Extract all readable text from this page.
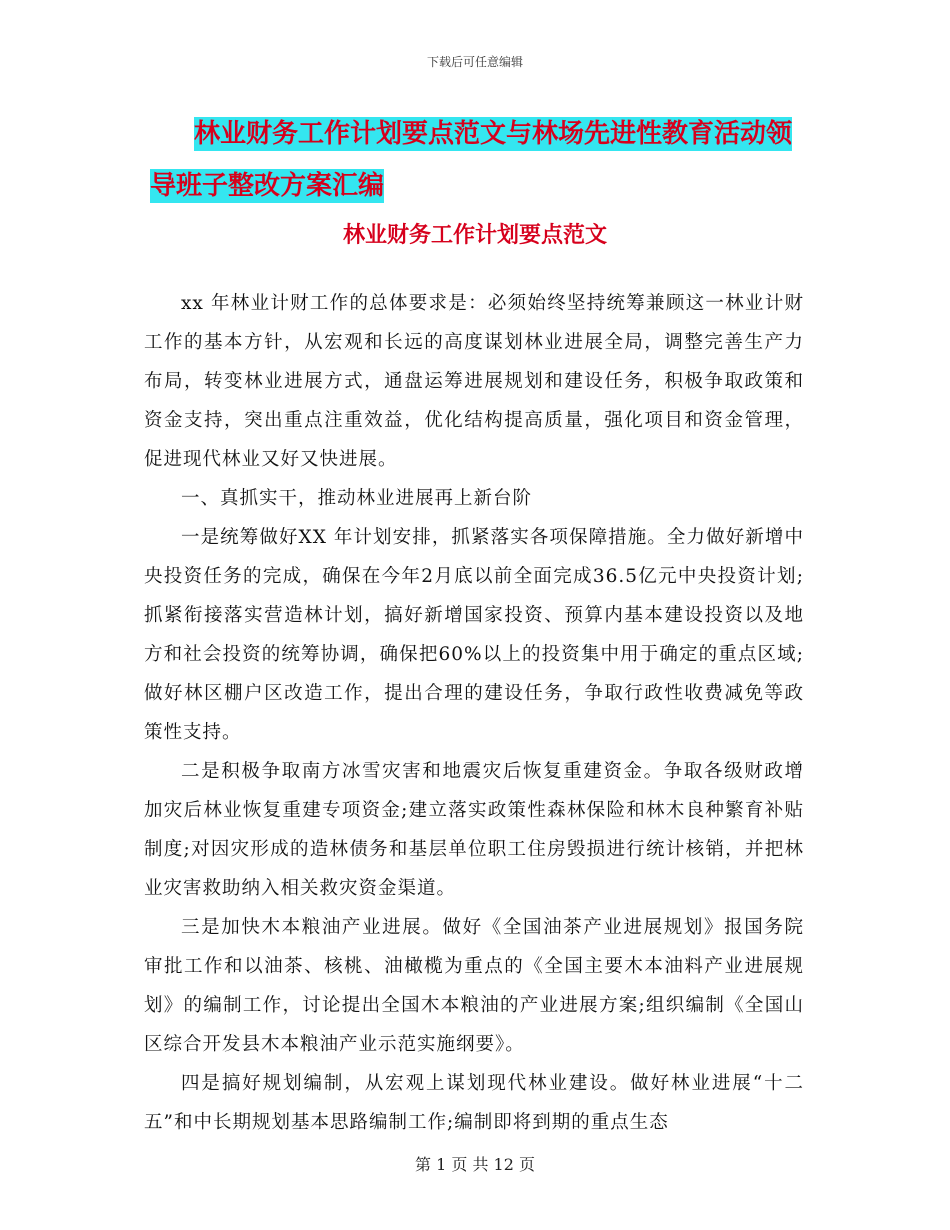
下载后可任意编辑
林业财务工作计划要点范文与林场先进性教育活动领
导班子整改方案汇编
林业财务工作计划要点范文

xx 年林业计财工作的总体要求是：必须始终坚持统筹兼顾这一林业计财工作的基本方针，从宏观和长远的高度谋划林业进展全局，调整完善生产力布局，转变林业进展方式，通盘运筹进展规划和建设任务，积极争取政策和资金支持，突出重点注重效益，优化结构提高质量，强化项目和资金管理，促进现代林业又好又快进展。

一、真抓实干，推动林业进展再上新台阶

一是统筹做好XX 年计划安排，抓紧落实各项保障措施。全力做好新增中央投资任务的完成，确保在今年2月底以前全面完成36.5亿元中央投资计划;抓紧衔接落实营造林计划，搞好新增国家投资、预算内基本建设投资以及地方和社会投资的统筹协调，确保把60%以上的投资集中用于确定的重点区域;做好林区棚户区改造工作，提出合理的建设任务，争取行政性收费减免等政策性支持。

二是积极争取南方冰雪灾害和地震灾后恢复重建资金。争取各级财政增加灾后林业恢复重建专项资金;建立落实政策性森林保险和林木良种繁育补贴制度;对因灾形成的造林债务和基层单位职工住房毁损进行统计核销，并把林业灾害救助纳入相关救灾资金渠道。

三是加快木本粮油产业进展。做好《全国油茶产业进展规划》报国务院审批工作和以油茶、核桃、油橄榄为重点的《全国主要木本油料产业进展规划》的编制工作，讨论提出全国木本粮油的产业进展方案;组织编制《全国山区综合开发县木本粮油产业示范实施纲要》。

四是搞好规划编制，从宏观上谋划现代林业建设。做好林业进展“十二五”和中长期规划基本思路编制工作;编制即将到期的重点生态

第 1 页 共 12 页
